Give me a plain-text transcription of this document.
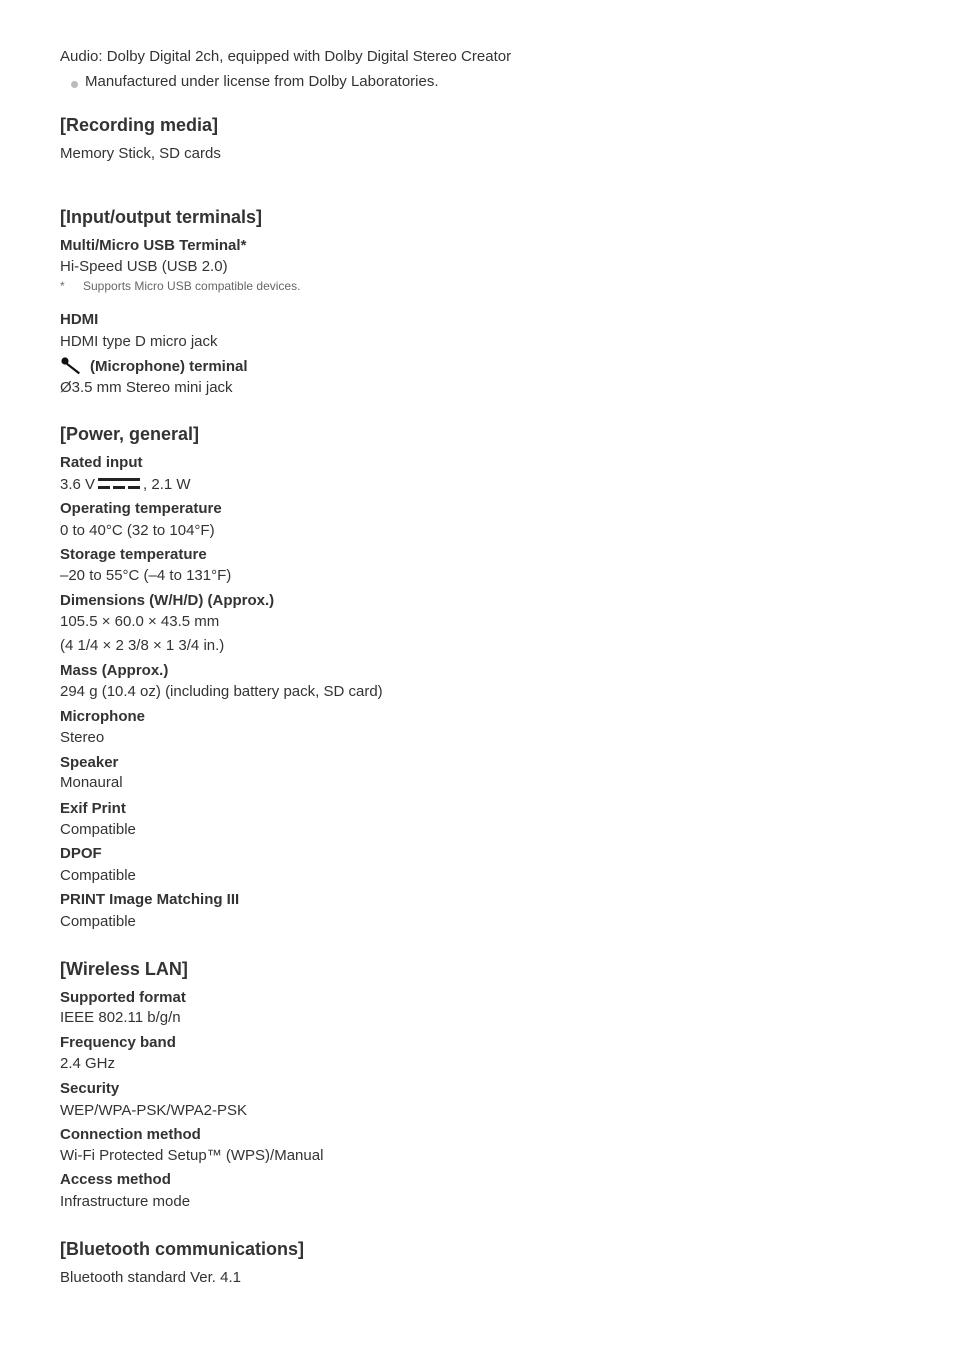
Audio: Dolby Digital 2ch, equipped with Dolby Digital Stereo Creator
Manufactured under license from Dolby Laboratories.
[Recording media]
Memory Stick, SD cards
[Input/output terminals]
Multi/Micro USB Terminal*
Hi-Speed USB (USB 2.0)
* Supports Micro USB compatible devices.
HDMI
HDMI type D micro jack
(Microphone) terminal
Ø3.5 mm Stereo mini jack
[Power, general]
Rated input
3.6 V	, 2.1 W
Operating temperature
0 to 40°C (32 to 104°F)
Storage temperature
–20 to 55°C (–4 to 131°F)
Dimensions (W/H/D) (Approx.)
105.5 × 60.0 × 43.5 mm
(4 1/4 × 2 3/8 × 1 3/4 in.)
Mass (Approx.)
294 g (10.4 oz) (including battery pack, SD card)
Microphone
Stereo
Speaker
Monaural
Exif Print
Compatible
DPOF
Compatible
PRINT Image Matching III
Compatible
[Wireless LAN]
Supported format
IEEE 802.11 b/g/n
Frequency band
2.4 GHz
Security
WEP/WPA-PSK/WPA2-PSK
Connection method
Wi-Fi Protected Setup™ (WPS)/Manual
Access method
Infrastructure mode
[Bluetooth communications]
Bluetooth standard Ver. 4.1
